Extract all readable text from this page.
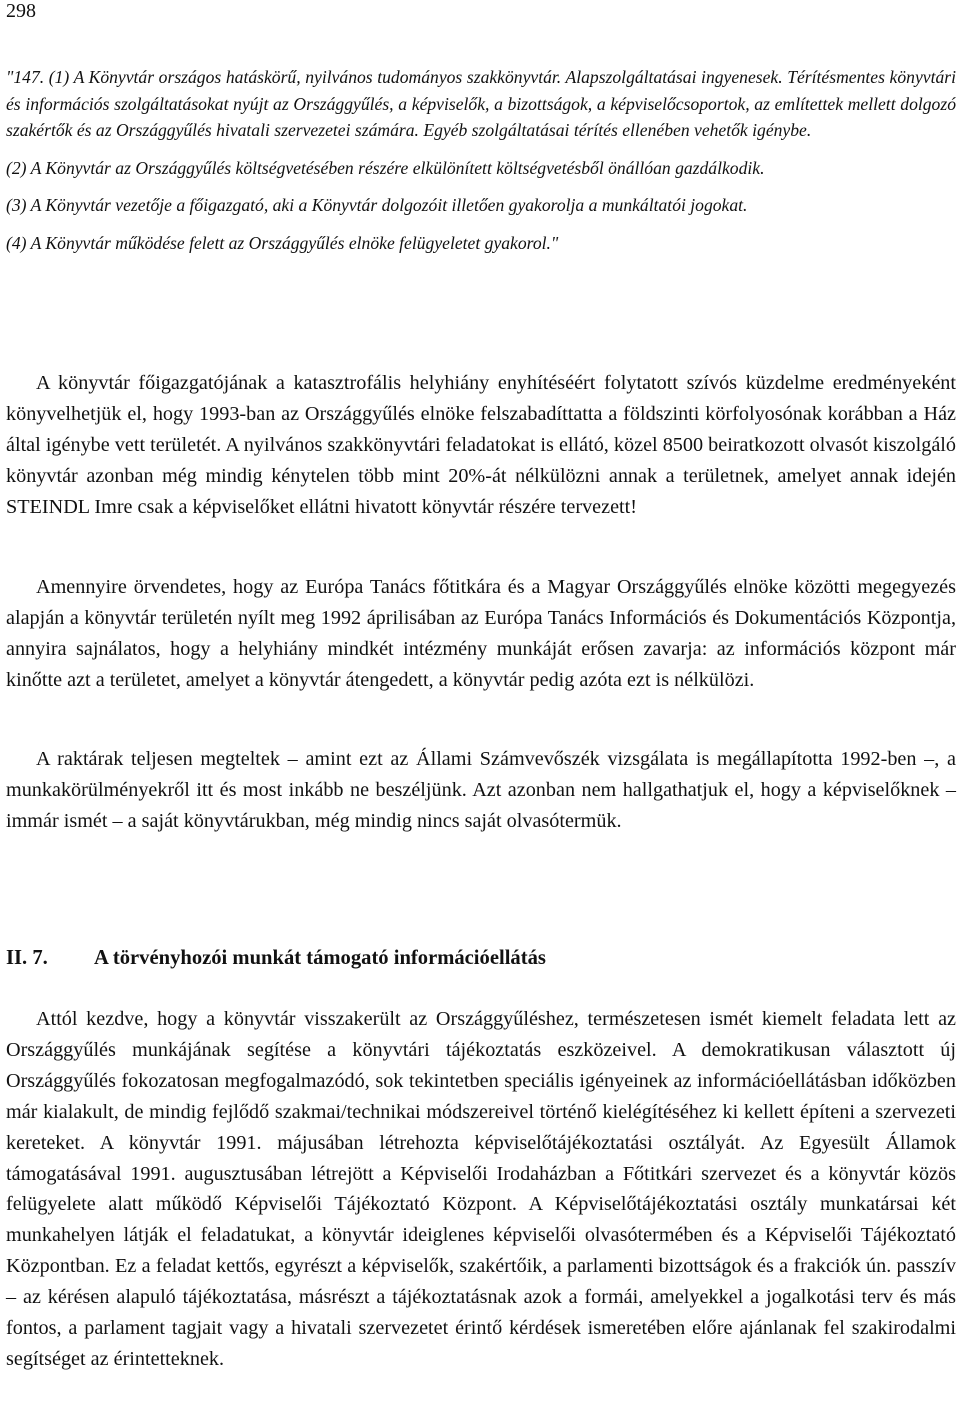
298

"147. (1) A Könyvtár országos hatáskörű, nyilvános tudományos szakkönyvtár. Alapszolgáltatásai ingyenesek. Térítésmentes könyvtári és információs szolgáltatásokat nyújt az Országgyűlés, a képviselők, a bizottságok, a képviselőcsoportok, az említettek mellett dolgozó szakértők és az Országgyűlés hivatali szervezetei számára. Egyéb szolgáltatásai térítés ellenében vehetők igénybe.

(2) A Könyvtár az Országgyűlés költségvetésében részére elkülönített költségvetésből önállóan gazdálkodik.

(3) A Könyvtár vezetője a főigazgató, aki a Könyvtár dolgozóit illetően gyakorolja a munkáltatói jogokat.

(4) A Könyvtár működése felett az Országgyűlés elnöke felügyeletet gyakorol."

A könyvtár főigazgatójának a katasztrofális helyhiány enyhítéséért folytatott szívós küzdelme eredményeként könyvelhetjük el, hogy 1993-ban az Országgyűlés elnöke felszabadíttatta a földszinti körfolyosónak korábban a Ház által igénybe vett területét. A nyilvános szakkönyvtári feladatokat is ellátó, közel 8500 beiratkozott olvasót kiszolgáló könyvtár azonban még mindig kénytelen több mint 20%-át nélkülözni annak a területnek, amelyet annak idején STEINDL Imre csak a képviselőket ellátni hivatott könyvtár részére tervezett!

Amennyire örvendetes, hogy az Európa Tanács főtitkára és a Magyar Országgyűlés elnöke közötti megegyezés alapján a könyvtár területén nyílt meg 1992 áprilisában az Európa Tanács Információs és Dokumentációs Központja, annyira sajnálatos, hogy a helyhiány mindkét intézmény munkáját erősen zavarja: az információs központ már kinőtte azt a területet, amelyet a könyvtár átengedett, a könyvtár pedig azóta ezt is nélkülözi.

A raktárak teljesen megteltek – amint ezt az Állami Számvevőszék vizsgálata is megállapította 1992-ben –, a munkakörülményekről itt és most inkább ne beszéljünk. Azt azonban nem hallgathatjuk el, hogy a képviselőknek – immár ismét – a saját könyvtárukban, még mindig nincs saját olvasótermük.

II. 7. A törvényhozói munkát támogató információellátás

Attól kezdve, hogy a könyvtár visszakerült az Országgyűléshez, természetesen ismét kiemelt feladata lett az Országgyűlés munkájának segítése a könyvtári tájékoztatás eszközeivel. A demokratikusan választott új Országgyűlés fokozatosan megfogalmazódó, sok tekintetben speciális igényeinek az információellátásban időközben már kialakult, de mindig fejlődő szakmai/technikai módszereivel történő kielégítéséhez ki kellett építeni a szervezeti kereteket. A könyvtár 1991. májusában létrehozta képviselőtájékoztatási osztályát. Az Egyesült Államok támogatásával 1991. augusztusában létrejött a Képviselői Irodaházban a Főtitkári szervezet és a könyvtár közös felügyelete alatt működő Képviselői Tájékoztató Központ. A Képviselőtájékoztatási osztály munkatársai két munkahelyen látják el feladatukat, a könyvtár ideiglenes képviselői olvasótermében és a Képviselői Tájékoztató Központban. Ez a feladat kettős, egyrészt a képviselők, szakértőik, a parlamenti bizottságok és a frakciók ún. passzív – az kérésen alapuló tájékoztatása, másrészt a tájékoztatásnak azok a formái, amelyekkel a jogalkotási terv és más fontos, a parlament tagjait vagy a hivatali szervezetet érintő kérdések ismeretében előre ajánlanak fel szakirodalmi segítséget az érintetteknek.
